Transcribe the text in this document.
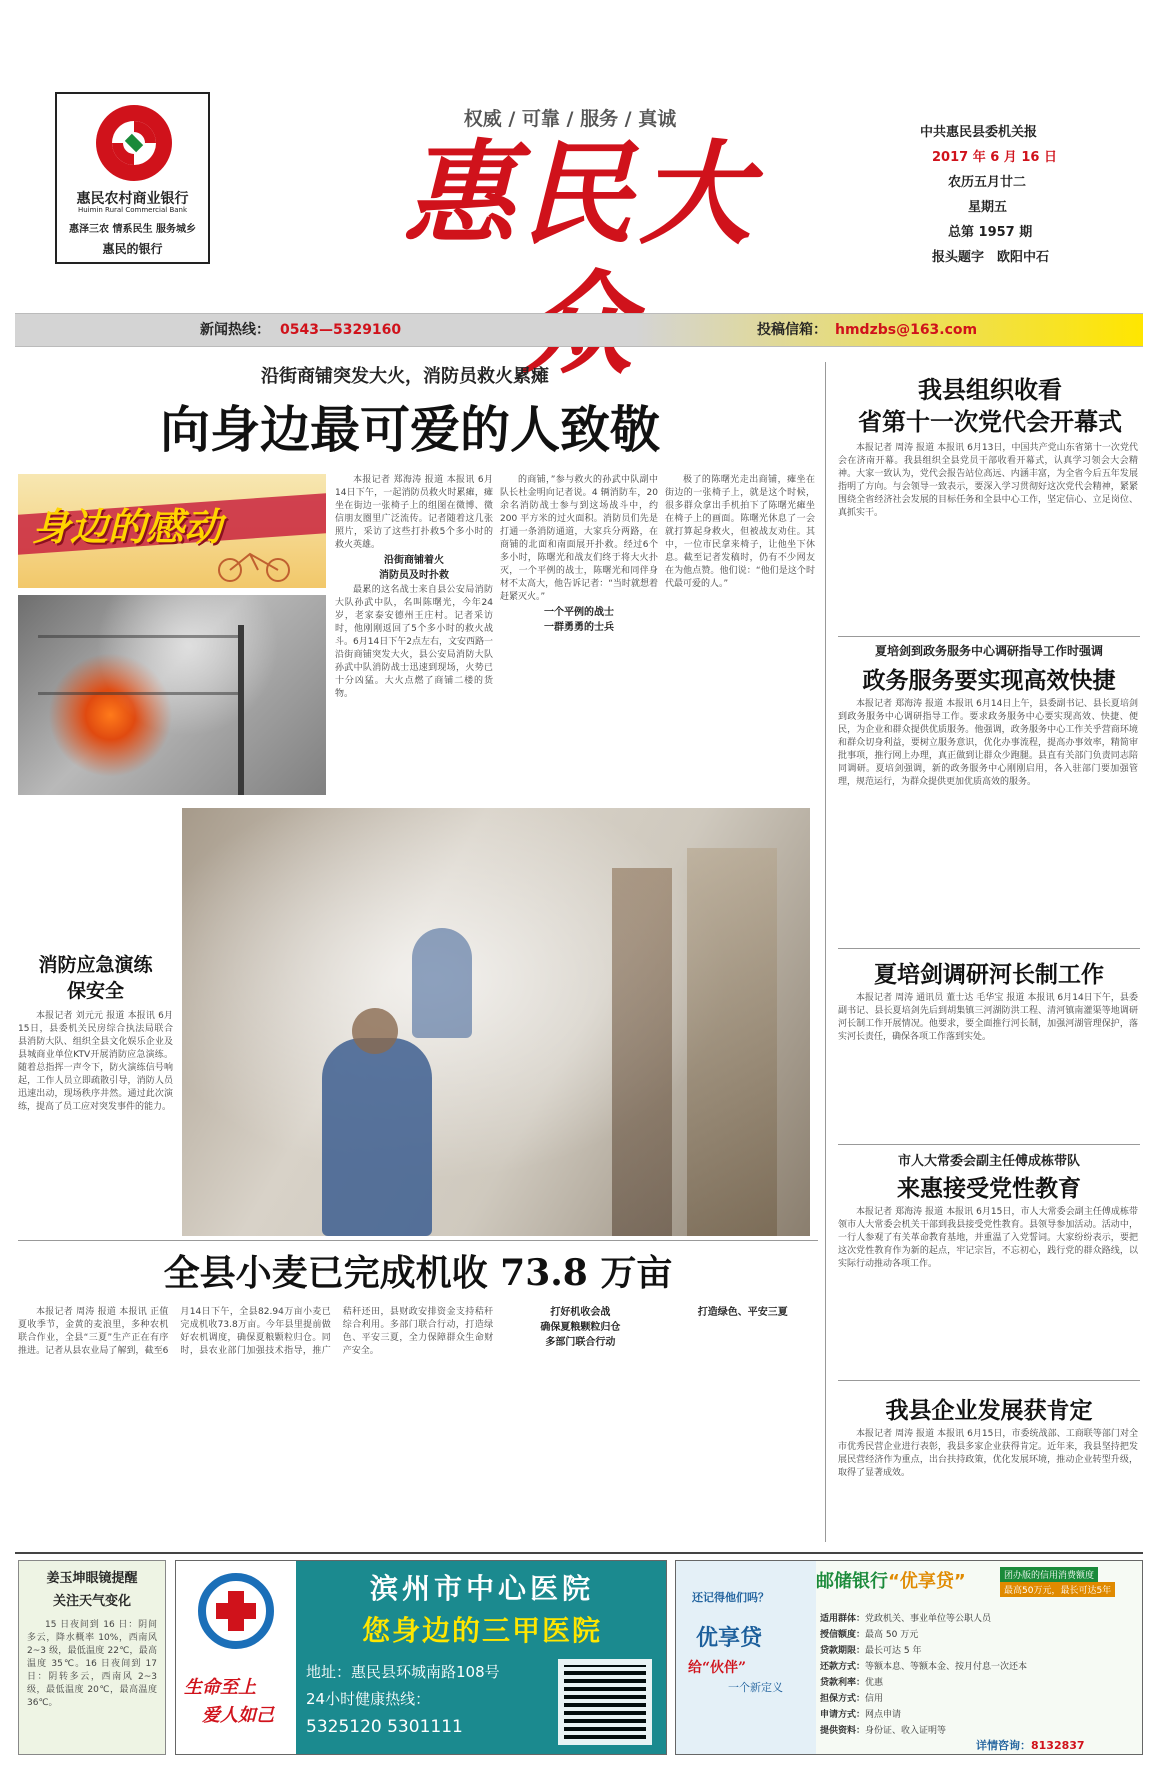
惠民农村商业银行
Huimin Rural Commercial Bank
惠泽三农 情系民生 服务城乡
惠民的银行
权威 / 可靠 / 服务 / 真诚
惠民大	中共惠民县委机关报
2017 年 6 月 16 日
农历五月廿二
星期五
总第 1957 期
报头题字　欧阳中石
新闻热线： 0543—5329160	投稿信箱： hmdzbs@163.com
沿街商铺突发大火，消防员救火累瘫
向身边最可爱的人致敬
身边的感动

本报记者 郑海涛 报道 本报讯 6月14日下午，一起消防员救火时累瘫，瘫坐在街边一张椅子上的组图在微博、微信朋友圈里广泛流传。记者随着这几张照片，采访了这些打扑救5个多小时的救火英雄。

沿街商铺着火
消防员及时扑救

最累的这名战士来自县公安局消防大队孙武中队，名叫陈曙光，今年24岁，老家泰安德州王庄村。记者采访时，他刚刚返回了5个多小时的救火战斗。6月14日下午2点左右，文安西路一沿街商铺突发大火，县公安局消防大队孙武中队消防战士迅速到现场，火势已十分凶猛。大火点燃了商铺二楼的货物。

的商铺，”参与救火的孙武中队副中队长杜金明向记者说。4 辆消防车，20 余名消防战士参与到这场战斗中，约 200 平方米的过火面积。消防员们先是打通一条消防通道，大家兵分两路，在商铺的北面和南面展开扑救。经过6个多小时，陈曙光和战友们终于将大火扑灭，一个平例的战士，陈曙光和同伴身材不太高大，他告诉记者：“当时就想着赶紧灭火。”

一个平例的战士
一群勇勇的士兵

极了的陈曙光走出商铺，瘫坐在街边的一张椅子上，就是这个时候，很多群众拿出手机拍下了陈曙光瘫坐在椅子上的画面。陈曙光休息了一会就打算起身救火，但被战友劝住。其中，一位市民拿来椅子，让他坐下休息。截至记者发稿时，仍有不少网友在为他点赞。他们说：“他们是这个时代最可爱的人。”

我县组织收看
省第十一次党代会开幕式
本报记者 周涛 报道 本报讯 6月13日，中国共产党山东省第十一次党代会在济南开幕。我县组织全县党员干部收看开幕式，认真学习领会大会精神。大家一致认为，党代会报告站位高远、内涵丰富，为全省今后五年发展指明了方向。与会领导一致表示，要深入学习贯彻好这次党代会精神，紧紧围绕全省经济社会发展的目标任务和全县中心工作，坚定信心、立足岗位、真抓实干。
夏培剑到政务服务中心调研指导工作时强调
政务服务要实现高效快捷
本报记者 郑海涛 报道 本报讯 6月14日上午，县委副书记、县长夏培剑到政务服务中心调研指导工作。要求政务服务中心要实现高效、快捷、便民，为企业和群众提供优质服务。他强调，政务服务中心工作关乎营商环境和群众切身利益，要树立服务意识，优化办事流程，提高办事效率，精简审批事项，推行网上办理，真正做到让群众少跑腿。县直有关部门负责同志陪同调研。夏培剑强调，新的政务服务中心刚刚启用，各入驻部门要加强管理，规范运行，为群众提供更加优质高效的服务。
夏培剑调研河长制工作
本报记者 周涛 通讯员 董士达 毛华宝 报道 本报讯 6月14日下午，县委副书记、县长夏培剑先后到胡集镇三河湖防洪工程、清河镇南灌渠等地调研河长制工作开展情况。他要求，要全面推行河长制，加强河湖管理保护，落实河长责任，确保各项工作落到实处。
消防应急演练
保安全
本报记者 刘元元 报道 本报讯 6月15日，县委机关民房综合执法局联合县消防大队、组织全县文化娱乐企业及县城商业单位KTV开展消防应急演练。随着总指挥一声令下，防火演练信号响起，工作人员立即疏散引导，消防人员迅速出动，现场秩序井然。通过此次演练，提高了员工应对突发事件的能力。
市人大常委会副主任傅成栋带队
来惠接受党性教育
本报记者 郑海涛 报道 本报讯 6月15日，市人大常委会副主任傅成栋带领市人大常委会机关干部到我县接受党性教育。县领导参加活动。活动中，一行人参观了有关革命教育基地，并重温了入党誓词。大家纷纷表示，要把这次党性教育作为新的起点，牢记宗旨，不忘初心，践行党的群众路线，以实际行动推动各项工作。
全县小麦已完成机收 73.8 万亩

本报记者 周涛 报道 本报讯 正值夏收季节，金黄的麦浪里，多种农机联合作业，全县“三夏”生产正在有序推进。记者从县农业局了解到，截至6月14日下午，全县82.94万亩小麦已完成机收73.8万亩。今年县里提前做好农机调度，确保夏粮颗粒归仓。同时，县农业部门加强技术指导，推广秸秆还田，县财政安排资金支持秸秆综合利用。多部门联合行动，打造绿色、平安三夏，全力保障群众生命财产安全。

打好机收会战
确保夏粮颗粒归仓
多部门联合行动
打造绿色、平安三夏
我县企业发展获肯定
本报记者 周涛 报道 本报讯 6月15日，市委统战部、工商联等部门对全市优秀民营企业进行表彰，我县多家企业获得肯定。近年来，我县坚持把发展民营经济作为重点，出台扶持政策，优化发展环境，推动企业转型升级，取得了显著成效。
姜玉坤眼镜提醒
关注天气变化
15 日夜间到 16 日：阴间多云，降水概率 10%，西南风 2~3 级，最低温度 22℃，最高温度 35℃。16 日夜间到 17 日：阴转多云，西南风 2~3 级，最低温度 20℃，最高温度 36℃。
生命至上
爱人如己
滨州市中心医院
您身边的三甲医院
地址：惠民县环城南路108号
24小时健康热线：
5325120 5301111
还记得他们吗？
优享贷
给“伙伴”
一个新定义
邮储银行“优享贷”	团办版的信用消费额度
最高50万元，最长可达5年
适用群体：党政机关、事业单位等公职人员
授信额度：最高 50 万元
贷款期限：最长可达 5 年
还款方式：等额本息、等额本金、按月付息一次还本
贷款利率：优惠
担保方式：信用
申请方式：网点申请
提供资料：身份证、收入证明等
详情咨询：8132837
